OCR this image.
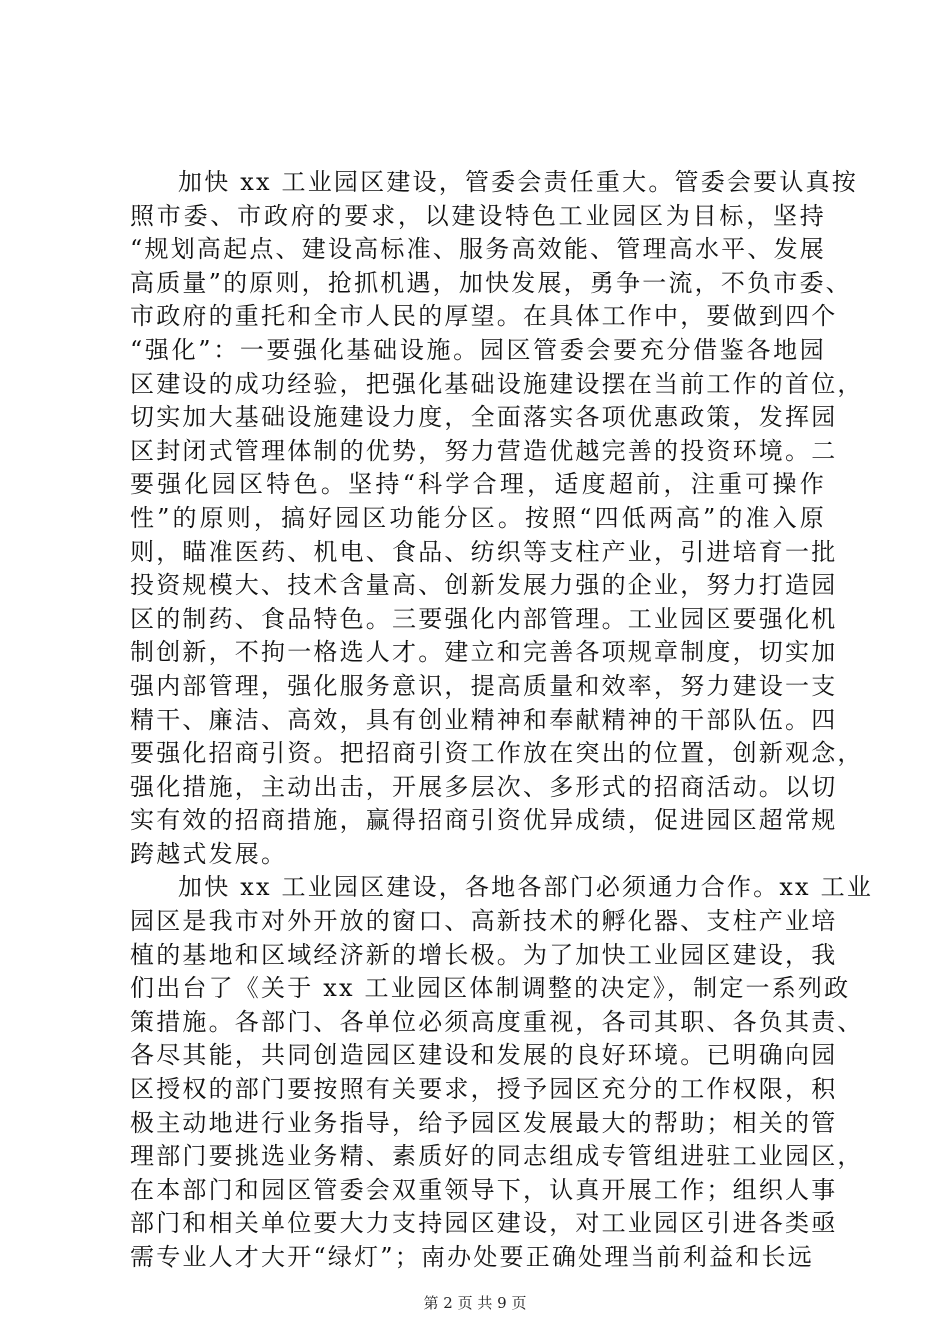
加快 xx 工业园区建设，管委会责任重大。管委会要认真按
照市委、市政府的要求，以建设特色工业园区为目标，坚持
“规划高起点、建设高标准、服务高效能、管理高水平、发展
高质量”的原则，抢抓机遇，加快发展，勇争一流，不负市委、
市政府的重托和全市人民的厚望。在具体工作中，要做到四个
“强化”：一要强化基础设施。园区管委会要充分借鉴各地园
区建设的成功经验，把强化基础设施建设摆在当前工作的首位，
切实加大基础设施建设力度，全面落实各项优惠政策，发挥园
区封闭式管理体制的优势，努力营造优越完善的投资环境。二
要强化园区特色。坚持“科学合理，适度超前，注重可操作
性”的原则，搞好园区功能分区。按照“四低两高”的准入原
则，瞄准医药、机电、食品、纺织等支柱产业，引进培育一批
投资规模大、技术含量高、创新发展力强的企业，努力打造园
区的制药、食品特色。三要强化内部管理。工业园区要强化机
制创新，不拘一格选人才。建立和完善各项规章制度，切实加
强内部管理，强化服务意识，提高质量和效率，努力建设一支
精干、廉洁、高效，具有创业精神和奉献精神的干部队伍。四
要强化招商引资。把招商引资工作放在突出的位置，创新观念，
强化措施，主动出击，开展多层次、多形式的招商活动。以切
实有效的招商措施，赢得招商引资优异成绩，促进园区超常规
跨越式发展。
加快 xx 工业园区建设，各地各部门必须通力合作。xx 工业
园区是我市对外开放的窗口、高新技术的孵化器、支柱产业培
植的基地和区域经济新的增长极。为了加快工业园区建设，我
们出台了《关于 xx 工业园区体制调整的决定》，制定一系列政
策措施。各部门、各单位必须高度重视，各司其职、各负其责、
各尽其能，共同创造园区建设和发展的良好环境。已明确向园
区授权的部门要按照有关要求，授予园区充分的工作权限，积
极主动地进行业务指导，给予园区发展最大的帮助；相关的管
理部门要挑选业务精、素质好的同志组成专管组进驻工业园区，
在本部门和园区管委会双重领导下，认真开展工作；组织人事
部门和相关单位要大力支持园区建设，对工业园区引进各类亟
需专业人才大开“绿灯”；南办处要正确处理当前利益和长远
第 2 页 共 9 页
